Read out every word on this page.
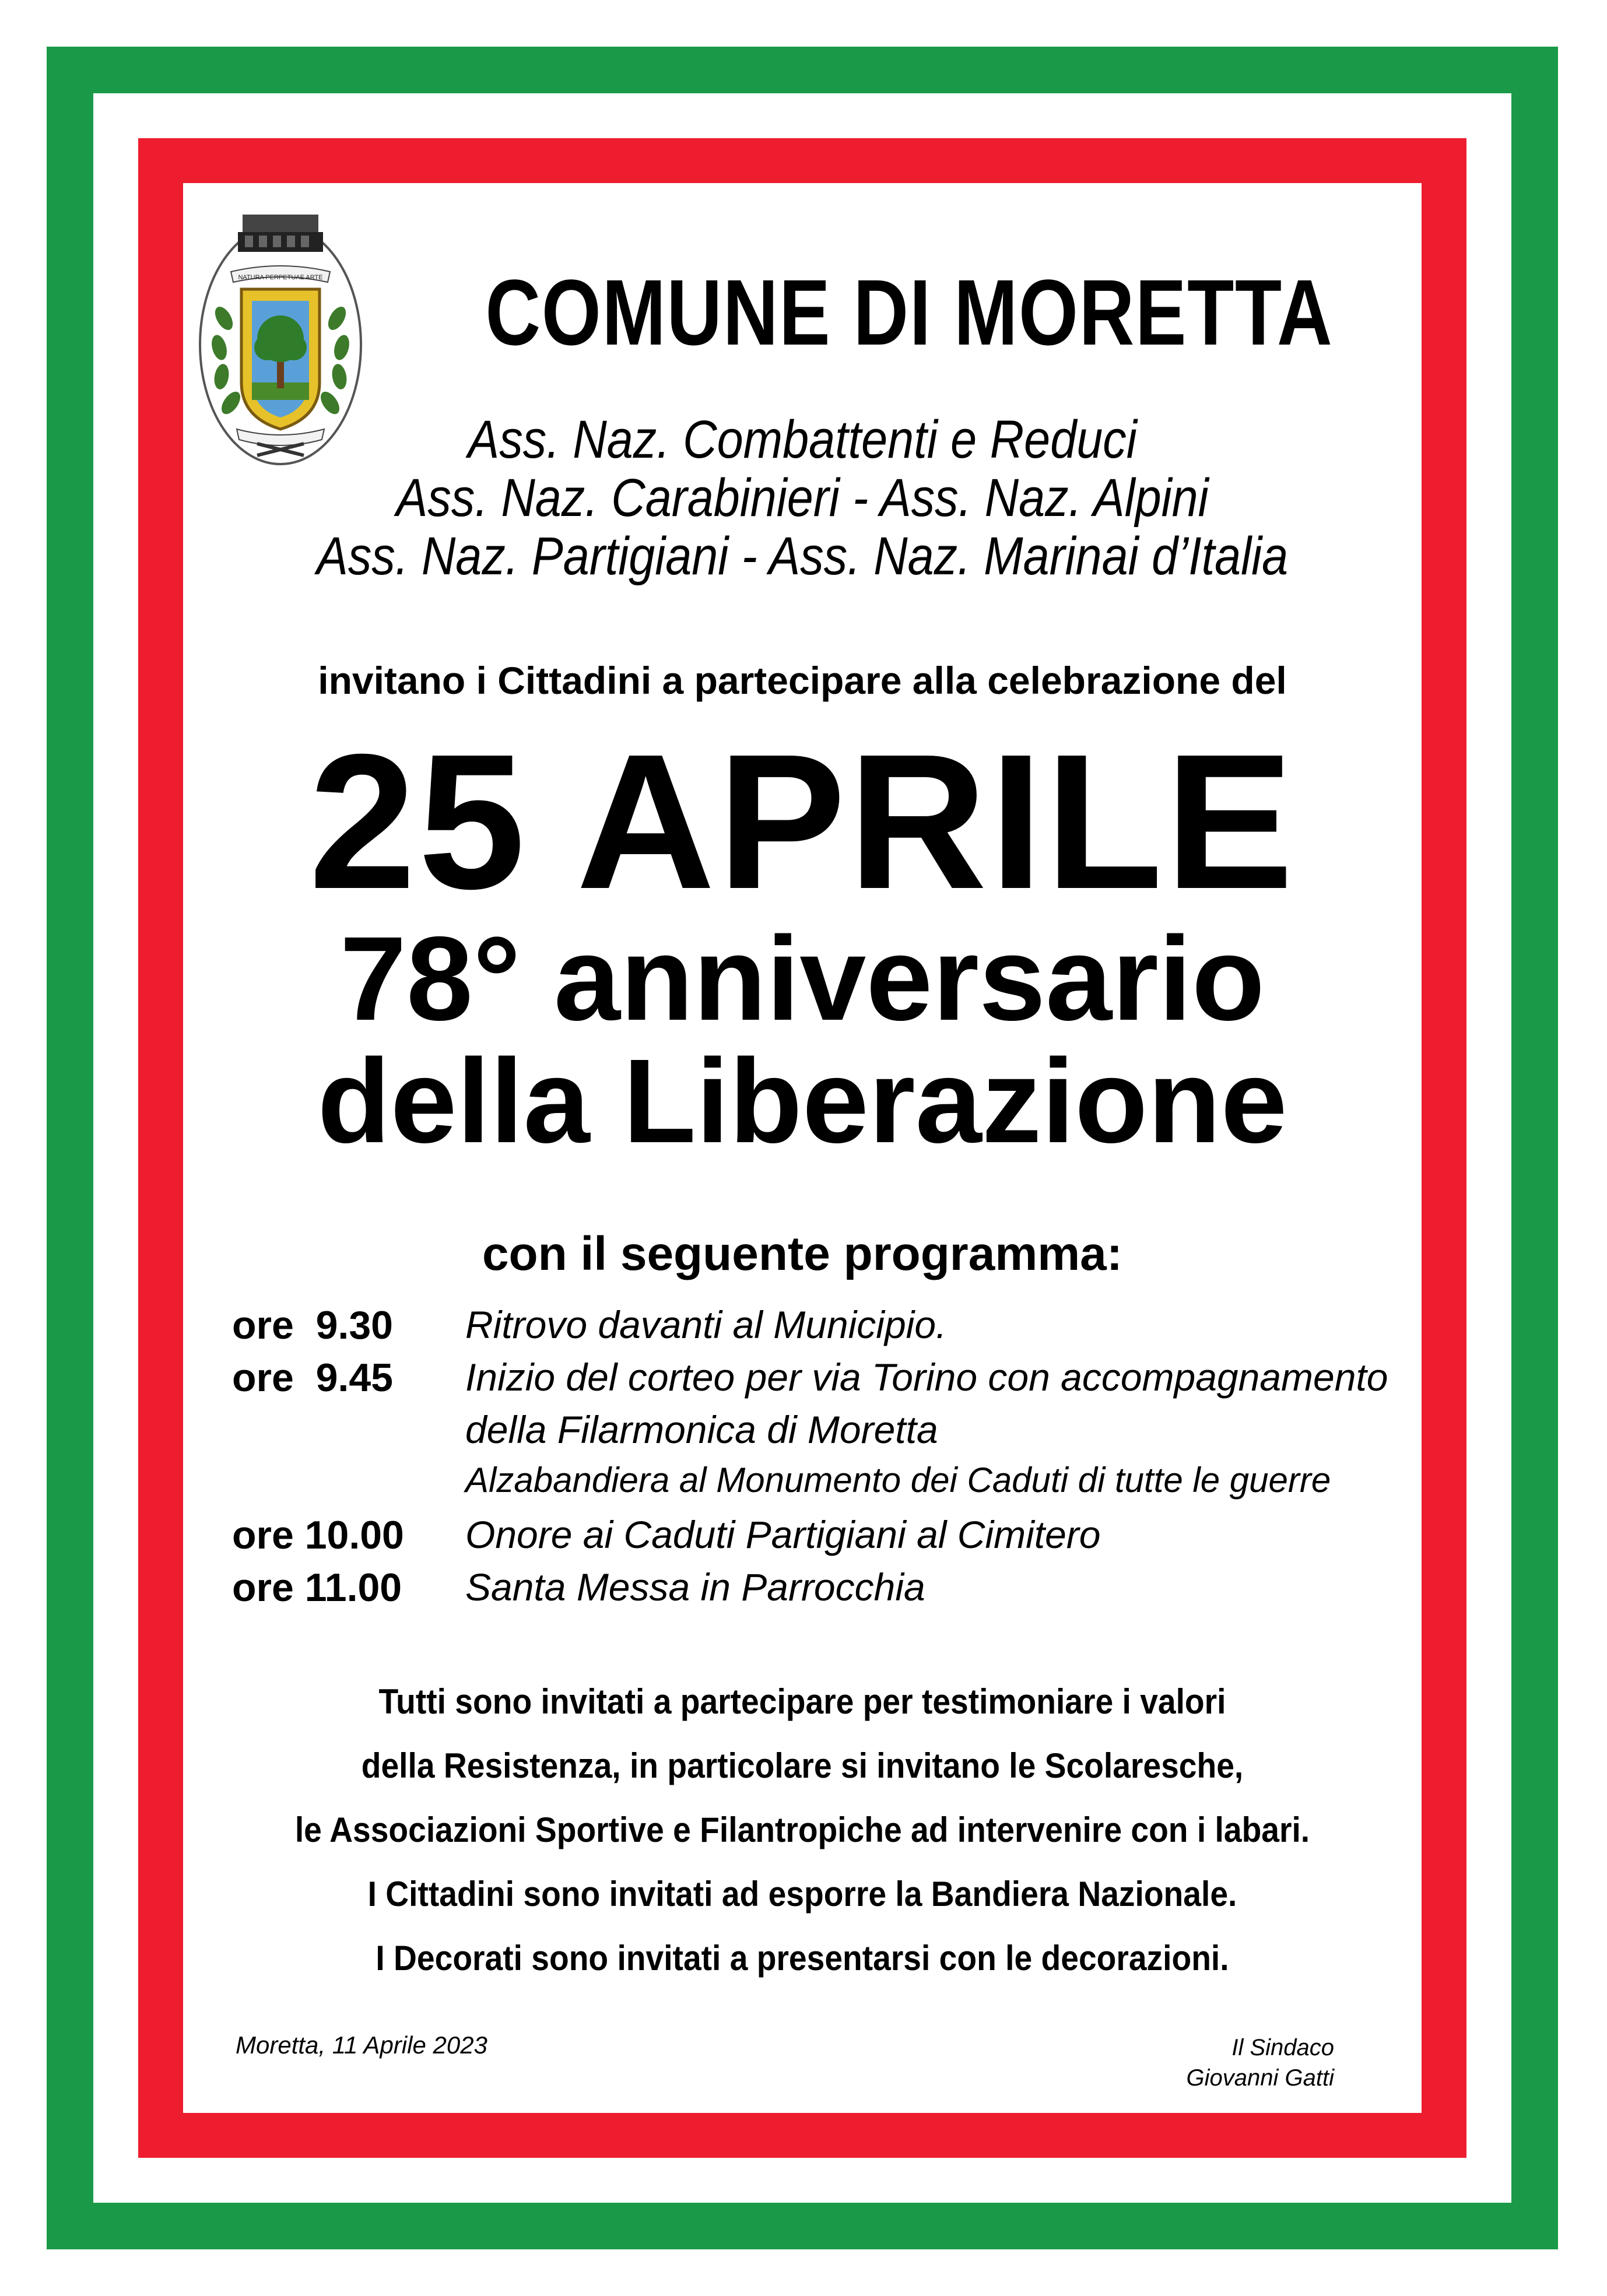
NATURA PERPETUAE ARTE COMUNE DI MORETTA
Ass. Naz. Combattenti e Reduci
Ass. Naz. Carabinieri - Ass. Naz. Alpini
Ass. Naz. Partigiani - Ass. Naz. Marinai d’Italia
invitano i Cittadini a partecipare alla celebrazione del
25 APRILE
78° anniversario
della Liberazione
con il seguente programma:
ore  9.30 Ritrovo davanti al Municipio.
ore  9.45 Inizio del corteo per via Torino con accompagnamento
della Filarmonica di Moretta
Alzabandiera al Monumento dei Caduti di tutte le guerre
ore 10.00 Onore ai Caduti Partigiani al Cimitero
ore 11.00 Santa Messa in Parrocchia
Tutti sono invitati a partecipare per testimoniare i valori
della Resistenza, in particolare si invitano le Scolaresche,
le Associazioni Sportive e Filantropiche ad intervenire con i labari.
I Cittadini sono invitati ad esporre la Bandiera Nazionale.
I Decorati sono invitati a presentarsi con le decorazioni.
Moretta, 11 Aprile 2023	Il Sindaco
Giovanni Gatti
